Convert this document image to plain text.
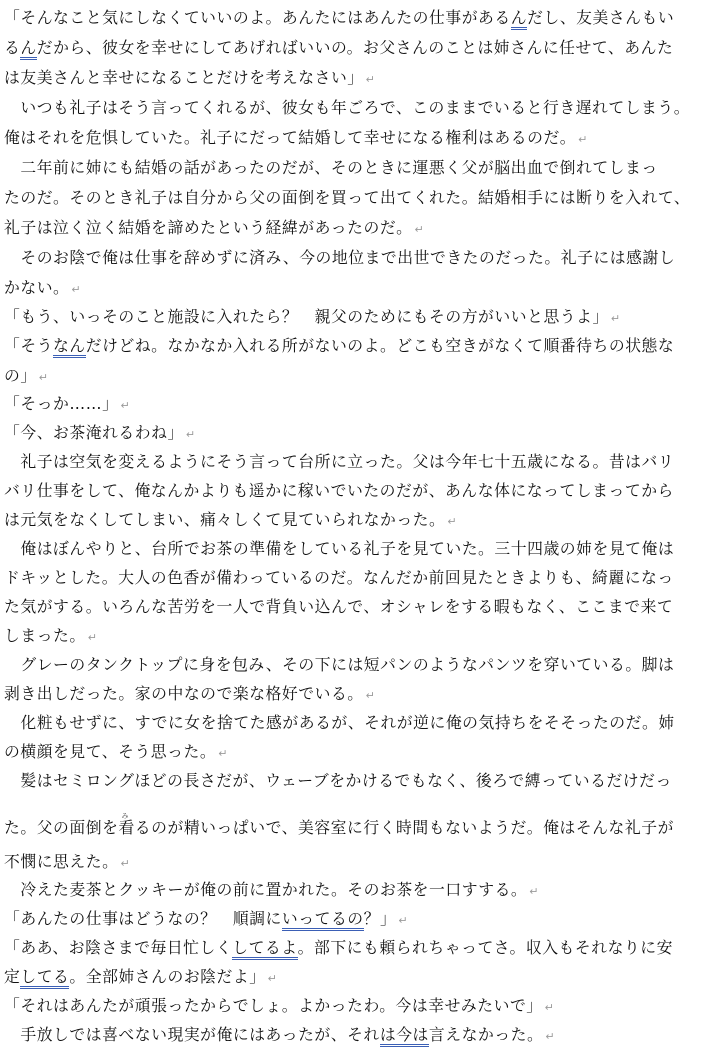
「そんなこと気にしなくていいのよ。あんたにはあんたの仕事があるんだし、友美さんもい
るんだから、彼女を幸せにしてあげればいいの。お父さんのことは姉さんに任せて、あんた
は友美さんと幸せになることだけを考えなさい」 ↵
　いつも礼子はそう言ってくれるが、彼女も年ごろで、このままでいると行き遅れてしまう。
俺はそれを危惧していた。礼子にだって結婚して幸せになる権利はあるのだ。 ↵
　二年前に姉にも結婚の話があったのだが、そのときに運悪く父が脳出血で倒れてしまっ
たのだ。そのとき礼子は自分から父の面倒を買って出てくれた。結婚相手には断りを入れて、
礼子は泣く泣く結婚を諦めたという経緯があったのだ。 ↵
　そのお陰で俺は仕事を辞めずに済み、今の地位まで出世できたのだった。礼子には感謝し
かない。 ↵
「もう、いっそのこと施設に入れたら？　親父のためにもその方がいいと思うよ」 ↵
「そうなんだけどね。なかなか入れる所がないのよ。どこも空きがなくて順番待ちの状態な
の」 ↵
「そっか……」 ↵
「今、お茶淹れるわね」 ↵
　礼子は空気を変えるようにそう言って台所に立った。父は今年七十五歳になる。昔はバリ
バリ仕事をして、俺なんかよりも遥かに稼いでいたのだが、あんな体になってしまってから
は元気をなくしてしまい、痛々しくて見ていられなかった。 ↵
　俺はぼんやりと、台所でお茶の準備をしている礼子を見ていた。三十四歳の姉を見て俺は
ドキッとした。大人の色香が備わっているのだ。なんだか前回見たときよりも、綺麗になっ
た気がする。いろんな苦労を一人で背負い込んで、オシャレをする暇もなく、ここまで来て
しまった。 ↵
　グレーのタンクトップに身を包み、その下には短パンのようなパンツを穿いている。脚は
剥き出しだった。家の中なので楽な格好でいる。 ↵
　化粧もせずに、すでに女を捨てた感があるが、それが逆に俺の気持ちをそそったのだ。姉
の横顔を見て、そう思った。 ↵
　髪はセミロングほどの長さだが、ウェーブをかけるでもなく、後ろで縛っているだけだっ
た。父の面倒を
み
看るのが精いっぱいで、美容室に行く時間もないようだ。俺はそんな礼子が
不憫に思えた。 ↵
　冷えた麦茶とクッキーが俺の前に置かれた。そのお茶を一口すする。 ↵
「あんたの仕事はどうなの？　順調にいってるの？」 ↵
「ああ、お陰さまで毎日忙しくしてるよ。部下にも頼られちゃってさ。収入もそれなりに安
定してる。全部姉さんのお陰だよ」 ↵
「それはあんたが頑張ったからでしょ。よかったわ。今は幸せみたいで」 ↵
　手放しでは喜べない現実が俺にはあったが、それは今は言えなかった。 ↵
